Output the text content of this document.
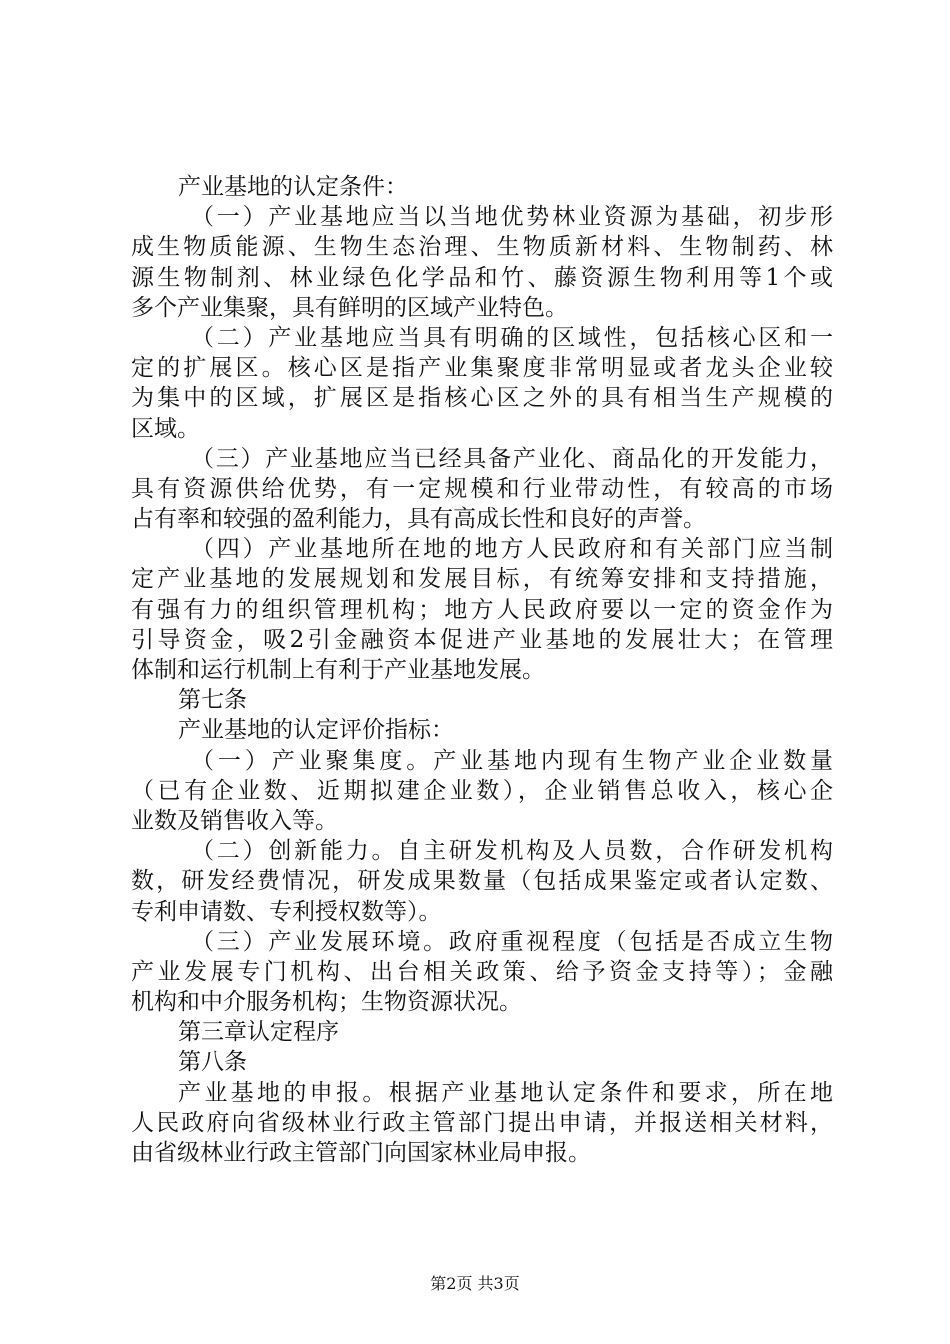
产业基地的认定条件：
（一）产业基地应当以当地优势林业资源为基础，初步形
成生物质能源、生物生态治理、生物质新材料、生物制药、林
源生物制剂、林业绿色化学品和竹、藤资源生物利用等1个或
多个产业集聚，具有鲜明的区域产业特色。
（二）产业基地应当具有明确的区域性，包括核心区和一
定的扩展区。核心区是指产业集聚度非常明显或者龙头企业较
为集中的区域，扩展区是指核心区之外的具有相当生产规模的
区域。
（三）产业基地应当已经具备产业化、商品化的开发能力，
具有资源供给优势，有一定规模和行业带动性，有较高的市场
占有率和较强的盈利能力，具有高成长性和良好的声誉。
（四）产业基地所在地的地方人民政府和有关部门应当制
定产业基地的发展规划和发展目标，有统筹安排和支持措施，
有强有力的组织管理机构；地方人民政府要以一定的资金作为
引导资金，吸2引金融资本促进产业基地的发展壮大；在管理
体制和运行机制上有利于产业基地发展。
第七条
产业基地的认定评价指标：
（一）产业聚集度。产业基地内现有生物产业企业数量
（已有企业数、近期拟建企业数），企业销售总收入，核心企
业数及销售收入等。
（二）创新能力。自主研发机构及人员数，合作研发机构
数，研发经费情况，研发成果数量（包括成果鉴定或者认定数、
专利申请数、专利授权数等）。
（三）产业发展环境。政府重视程度（包括是否成立生物
产业发展专门机构、出台相关政策、给予资金支持等）；金融
机构和中介服务机构；生物资源状况。
第三章认定程序
第八条
产业基地的申报。根据产业基地认定条件和要求，所在地
人民政府向省级林业行政主管部门提出申请，并报送相关材料，
由省级林业行政主管部门向国家林业局申报。
第2页 共3页
